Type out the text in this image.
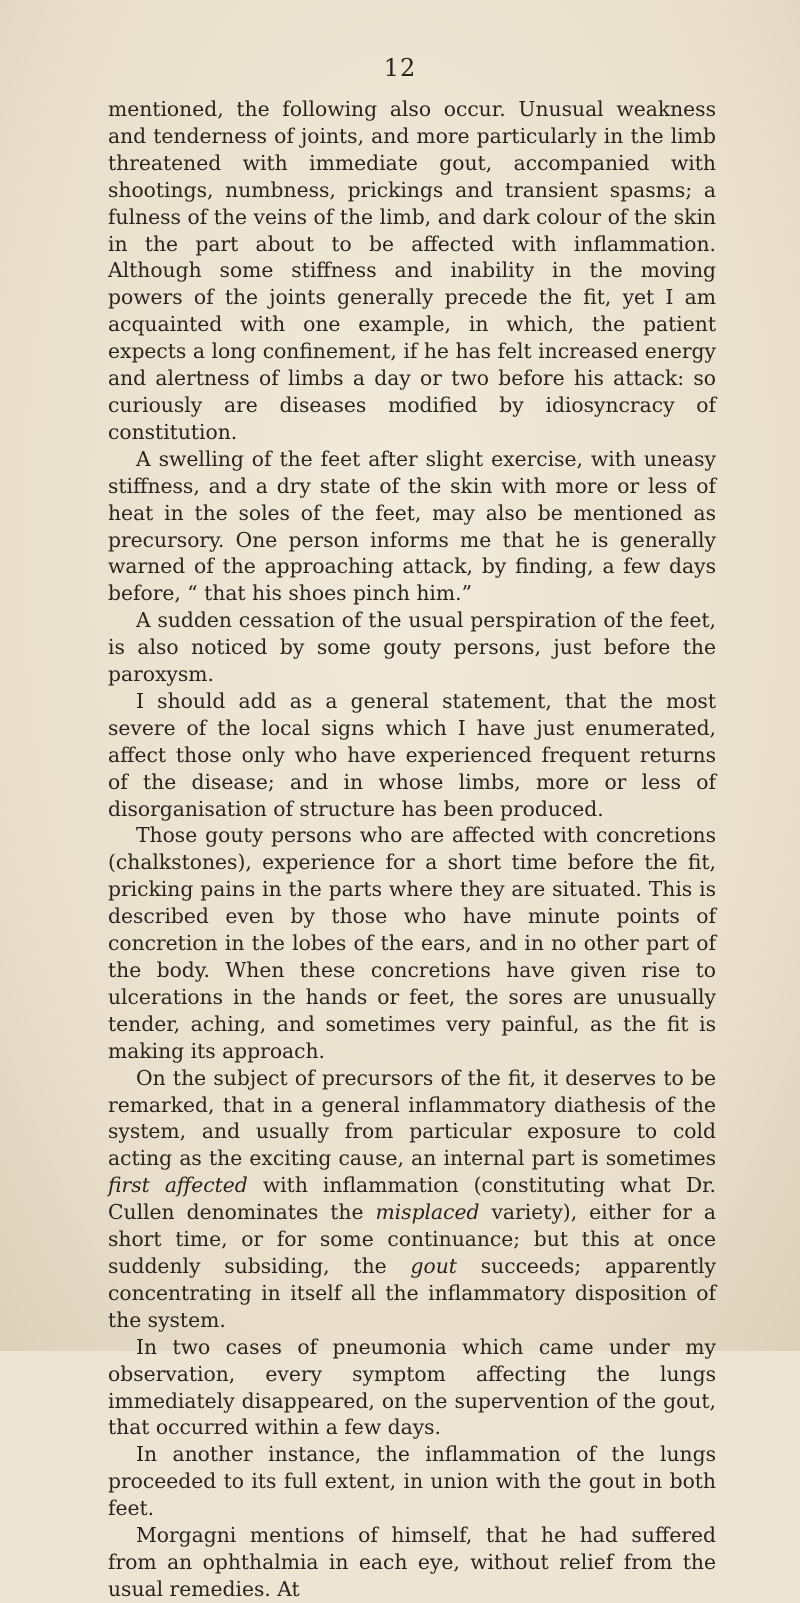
12

mentioned, the following also occur. Unusual weakness and tenderness of joints, and more particularly in the limb threatened with immediate gout, accompanied with shootings, numbness, prickings and transient spasms; a fulness of the veins of the limb, and dark colour of the skin in the part about to be affected with inflammation. Although some stiffness and inability in the moving powers of the joints generally precede the fit, yet I am acquainted with one example, in which, the patient expects a long confinement, if he has felt increased energy and alertness of limbs a day or two before his attack: so curiously are diseases modified by idiosyncracy of constitution.

A swelling of the feet after slight exercise, with uneasy stiffness, and a dry state of the skin with more or less of heat in the soles of the feet, may also be mentioned as precursory. One person informs me that he is generally warned of the approaching attack, by finding, a few days before, “ that his shoes pinch him.”

A sudden cessation of the usual perspiration of the feet, is also noticed by some gouty persons, just before the paroxysm.

I should add as a general statement, that the most severe of the local signs which I have just enumerated, affect those only who have experienced frequent returns of the disease; and in whose limbs, more or less of disorganisation of structure has been produced.

Those gouty persons who are affected with concretions (chalkstones), experience for a short time before the fit, pricking pains in the parts where they are situated. This is described even by those who have minute points of concretion in the lobes of the ears, and in no other part of the body. When these concretions have given rise to ulcerations in the hands or feet, the sores are unusually tender, aching, and sometimes very painful, as the fit is making its approach.

On the subject of precursors of the fit, it deserves to be remarked, that in a general inflammatory diathesis of the system, and usually from particular exposure to cold acting as the exciting cause, an internal part is sometimes first affected with inflammation (constituting what Dr. Cullen denominates the misplaced variety), either for a short time, or for some continuance; but this at once suddenly subsiding, the gout succeeds; apparently concentrating in itself all the inflammatory disposition of the system.

In two cases of pneumonia which came under my observation, every symptom affecting the lungs immediately disappeared, on the supervention of the gout, that occurred within a few days.

In another instance, the inflammation of the lungs proceeded to its full extent, in union with the gout in both feet.

Morgagni mentions of himself, that he had suffered from an ophthalmia in each eye, without relief from the usual remedies. At
